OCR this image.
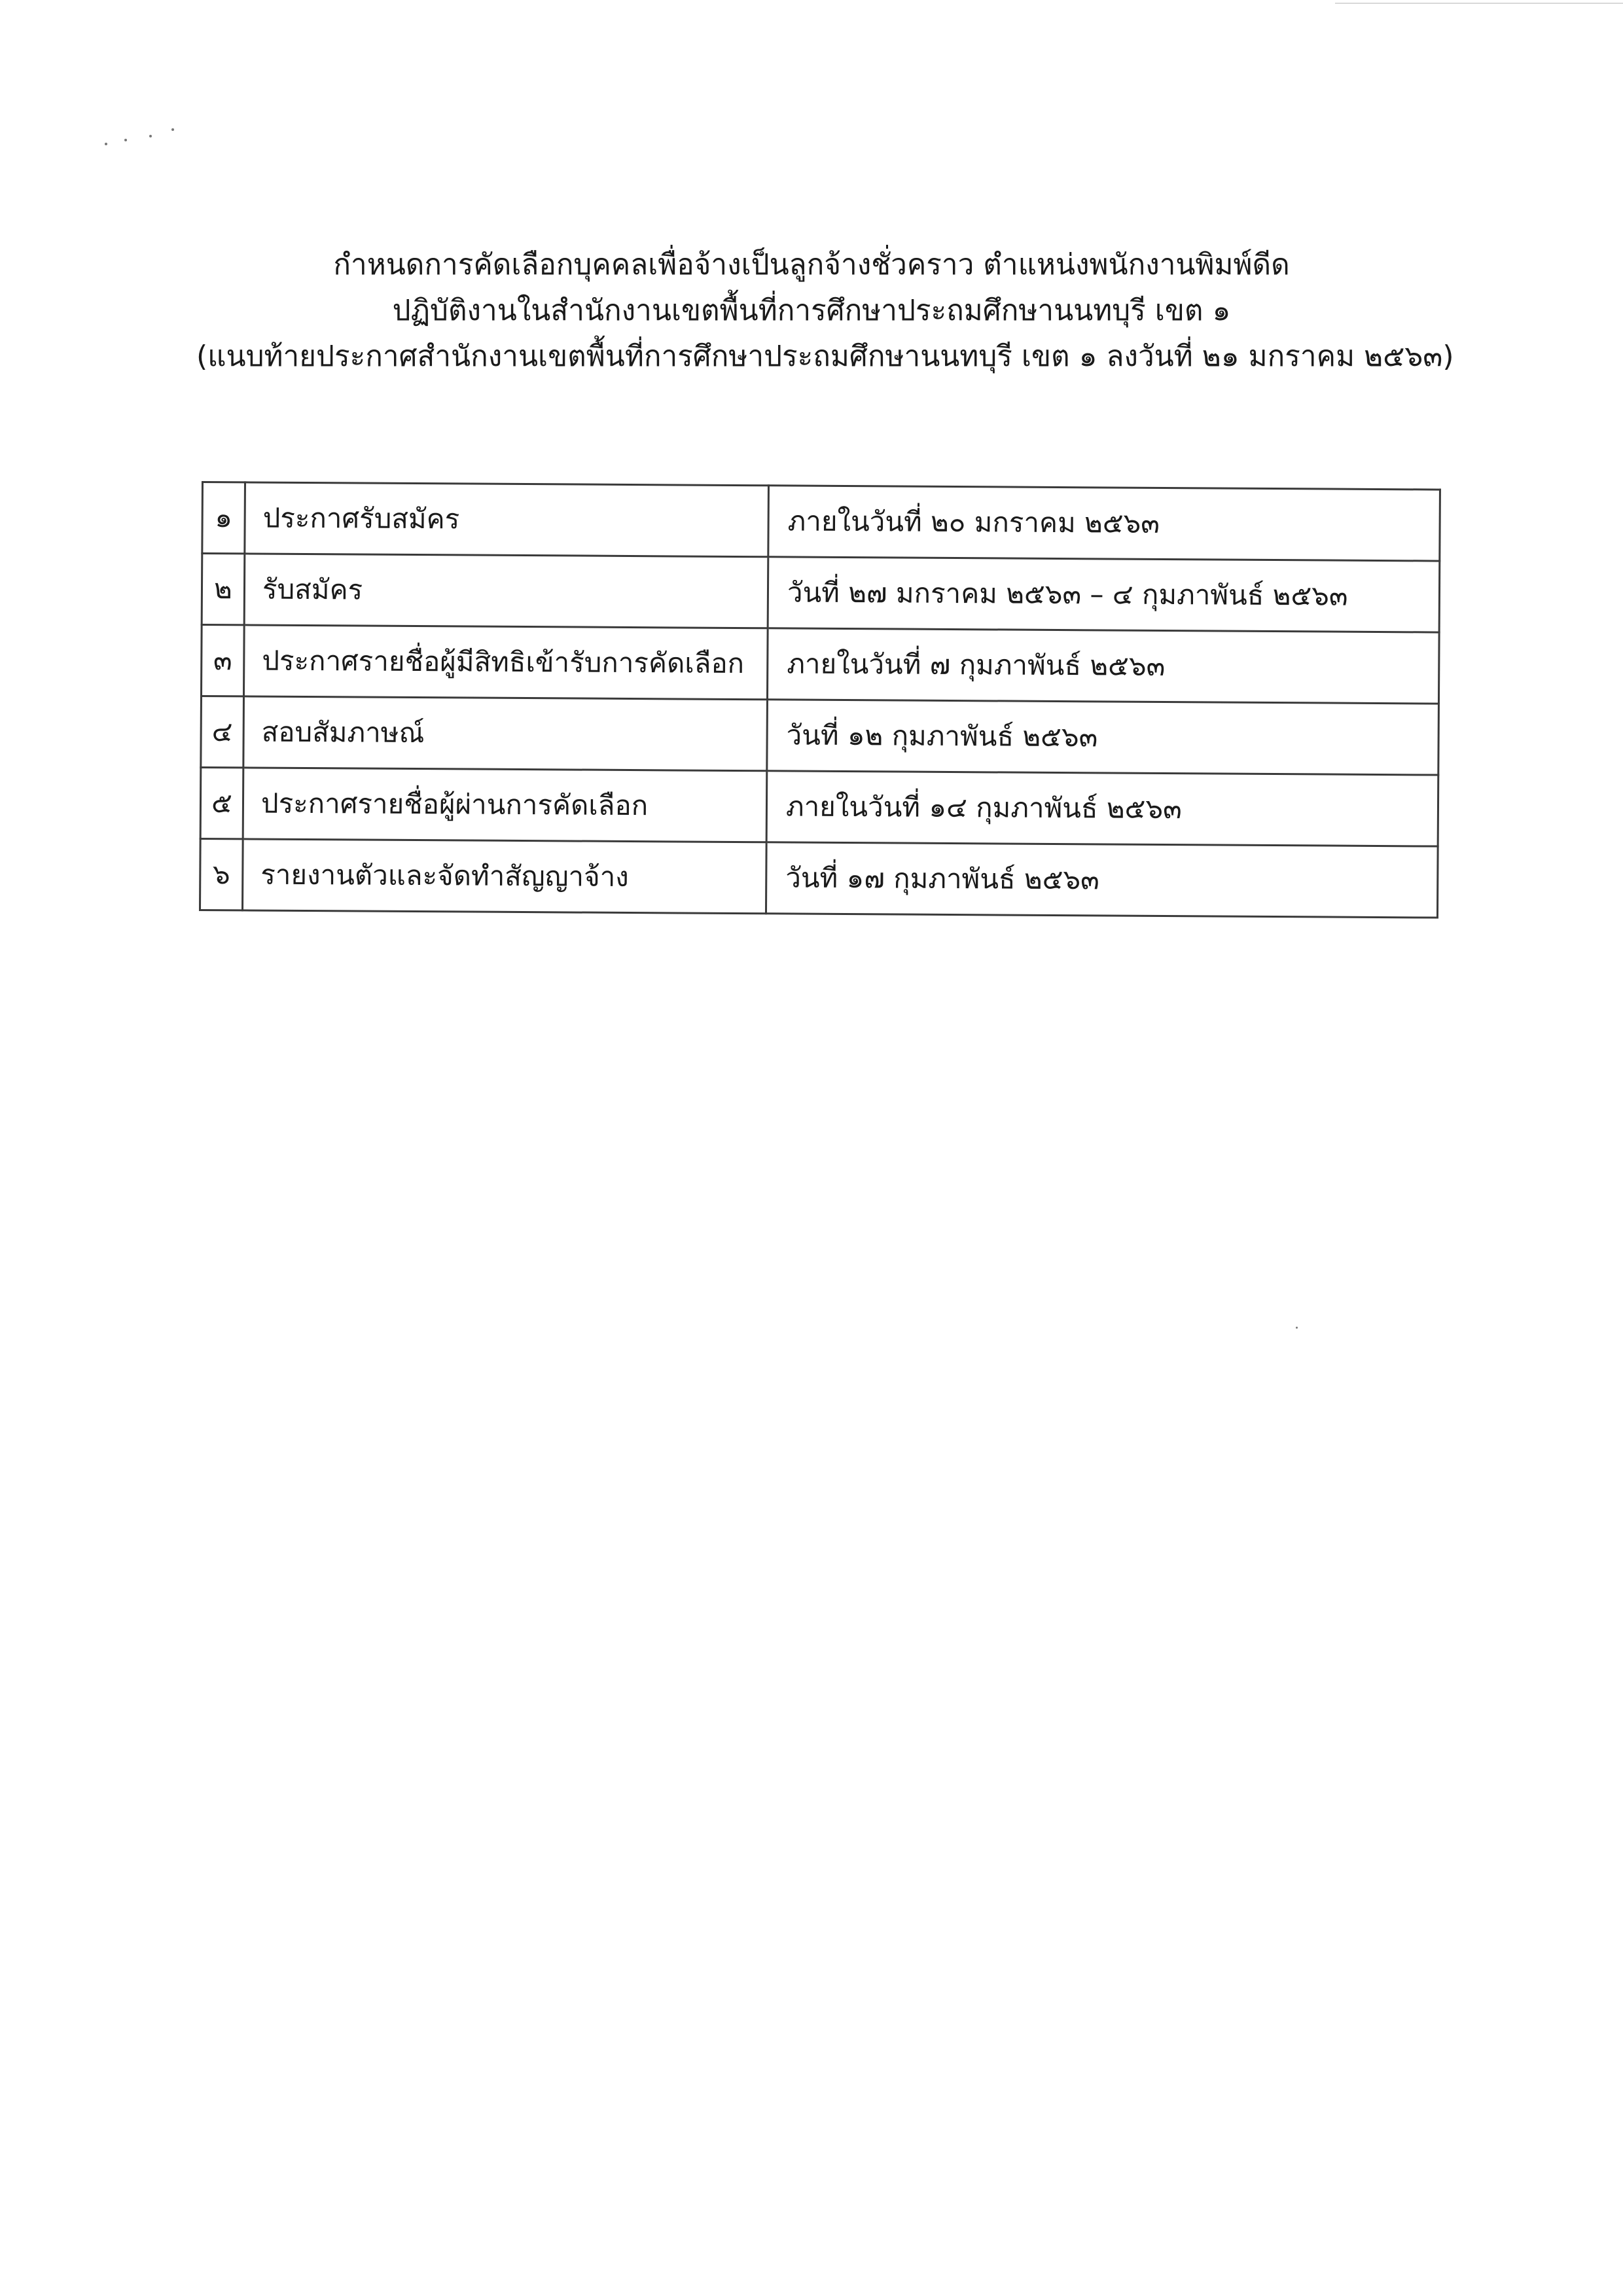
กำหนดการคัดเลือกบุคคลเพื่อจ้างเป็นลูกจ้างชั่วคราว ตำแหน่งพนักงานพิมพ์ดีด
ปฏิบัติงานในสำนักงานเขตพื้นที่การศึกษาประถมศึกษานนทบุรี เขต ๑
(แนบท้ายประกาศสำนักงานเขตพื้นที่การศึกษาประถมศึกษานนทบุรี เขต ๑ ลงวันที่ ๒๑ มกราคม ๒๕๖๓)
๑	ประกาศรับสมัคร	ภายในวันที่ ๒๐ มกราคม ๒๕๖๓
๒	รับสมัคร	วันที่ ๒๗ มกราคม ๒๕๖๓ – ๔ กุมภาพันธ์ ๒๕๖๓
๓	ประกาศรายชื่อผู้มีสิทธิเข้ารับการคัดเลือก	ภายในวันที่ ๗ กุมภาพันธ์ ๒๕๖๓
๔	สอบสัมภาษณ์	วันที่ ๑๒ กุมภาพันธ์ ๒๕๖๓
๕	ประกาศรายชื่อผู้ผ่านการคัดเลือก	ภายในวันที่ ๑๔ กุมภาพันธ์ ๒๕๖๓
๖	รายงานตัวและจัดทำสัญญาจ้าง	วันที่ ๑๗ กุมภาพันธ์ ๒๕๖๓
